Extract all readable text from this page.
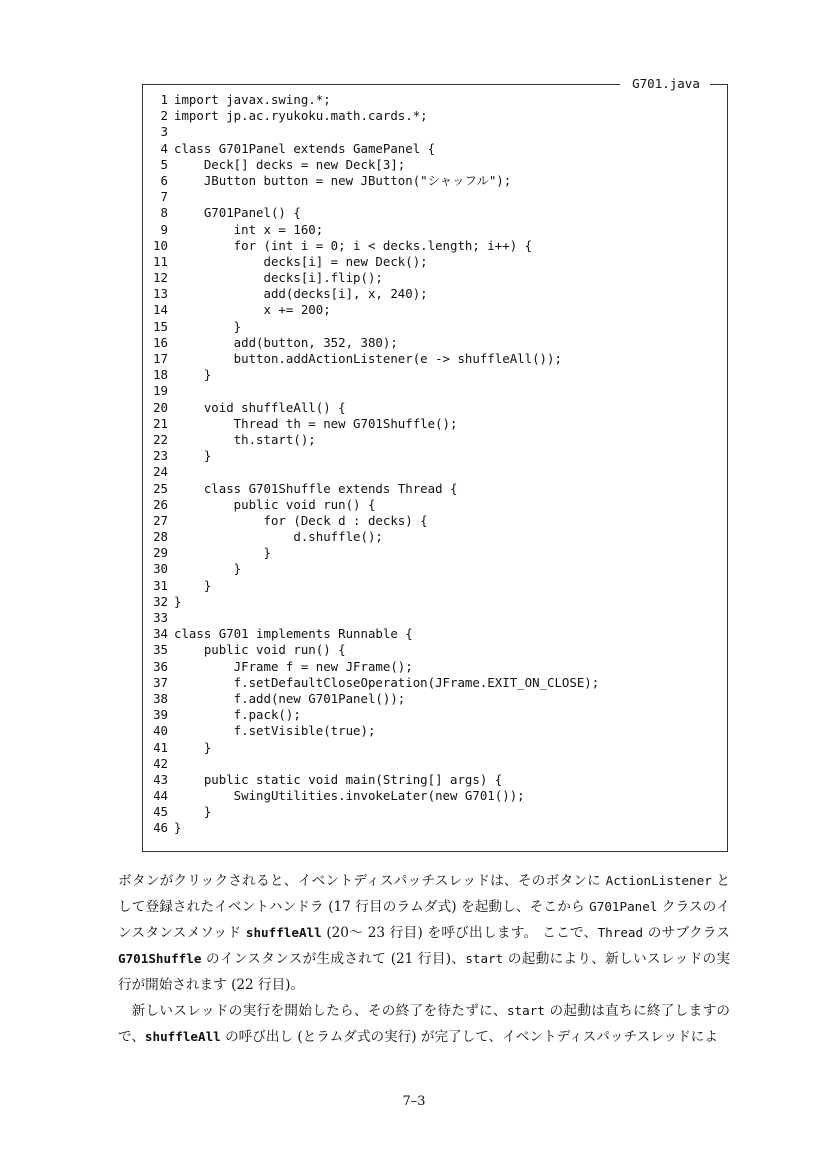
G701.java
1 import javax.swing.*;
2 import jp.ac.ryukoku.math.cards.*;
3
4 class G701Panel extends GamePanel {
5    Deck[] decks = new Deck[3];
6    JButton button = new JButton("シャッフル");
7
8    G701Panel() {
9        int x = 160;
10        for (int i = 0; i < decks.length; i++) {
11            decks[i] = new Deck();
12            decks[i].flip();
13            add(decks[i], x, 240);
14            x += 200;
15        }
16        add(button, 352, 380);
17        button.addActionListener(e -> shuffleAll());
18    }
19
20    void shuffleAll() {
21        Thread th = new G701Shuffle();
22        th.start();
23    }
24
25    class G701Shuffle extends Thread {
26        public void run() {
27            for (Deck d : decks) {
28                d.shuffle();
29            }
30        }
31    }
32 }
33
34 class G701 implements Runnable {
35    public void run() {
36        JFrame f = new JFrame();
37        f.setDefaultCloseOperation(JFrame.EXIT_ON_CLOSE);
38        f.add(new G701Panel());
39        f.pack();
40        f.setVisible(true);
41    }
42
43    public static void main(String[] args) {
44        SwingUtilities.invokeLater(new G701());
45    }
46 }

ボタンがクリックされると、イベントディスパッチスレッドは、そのボタンに ActionListener として登録されたイベントハンドラ (17 行目のラムダ式) を起動し、そこから G701Panel クラスのインスタンスメソッド shuffleAll (20～ 23 行目) を呼び出します。 ここで、Thread のサブクラス G701Shuffle のインスタンスが生成されて (21 行目)、start の起動により、新しいスレッドの実行が開始されます (22 行目)。

新しいスレッドの実行を開始したら、その終了を待たずに、start の起動は直ちに終了しますので、shuffleAll の呼び出し (とラムダ式の実行) が完了して、イベントディスパッチスレッドによ

7–3
